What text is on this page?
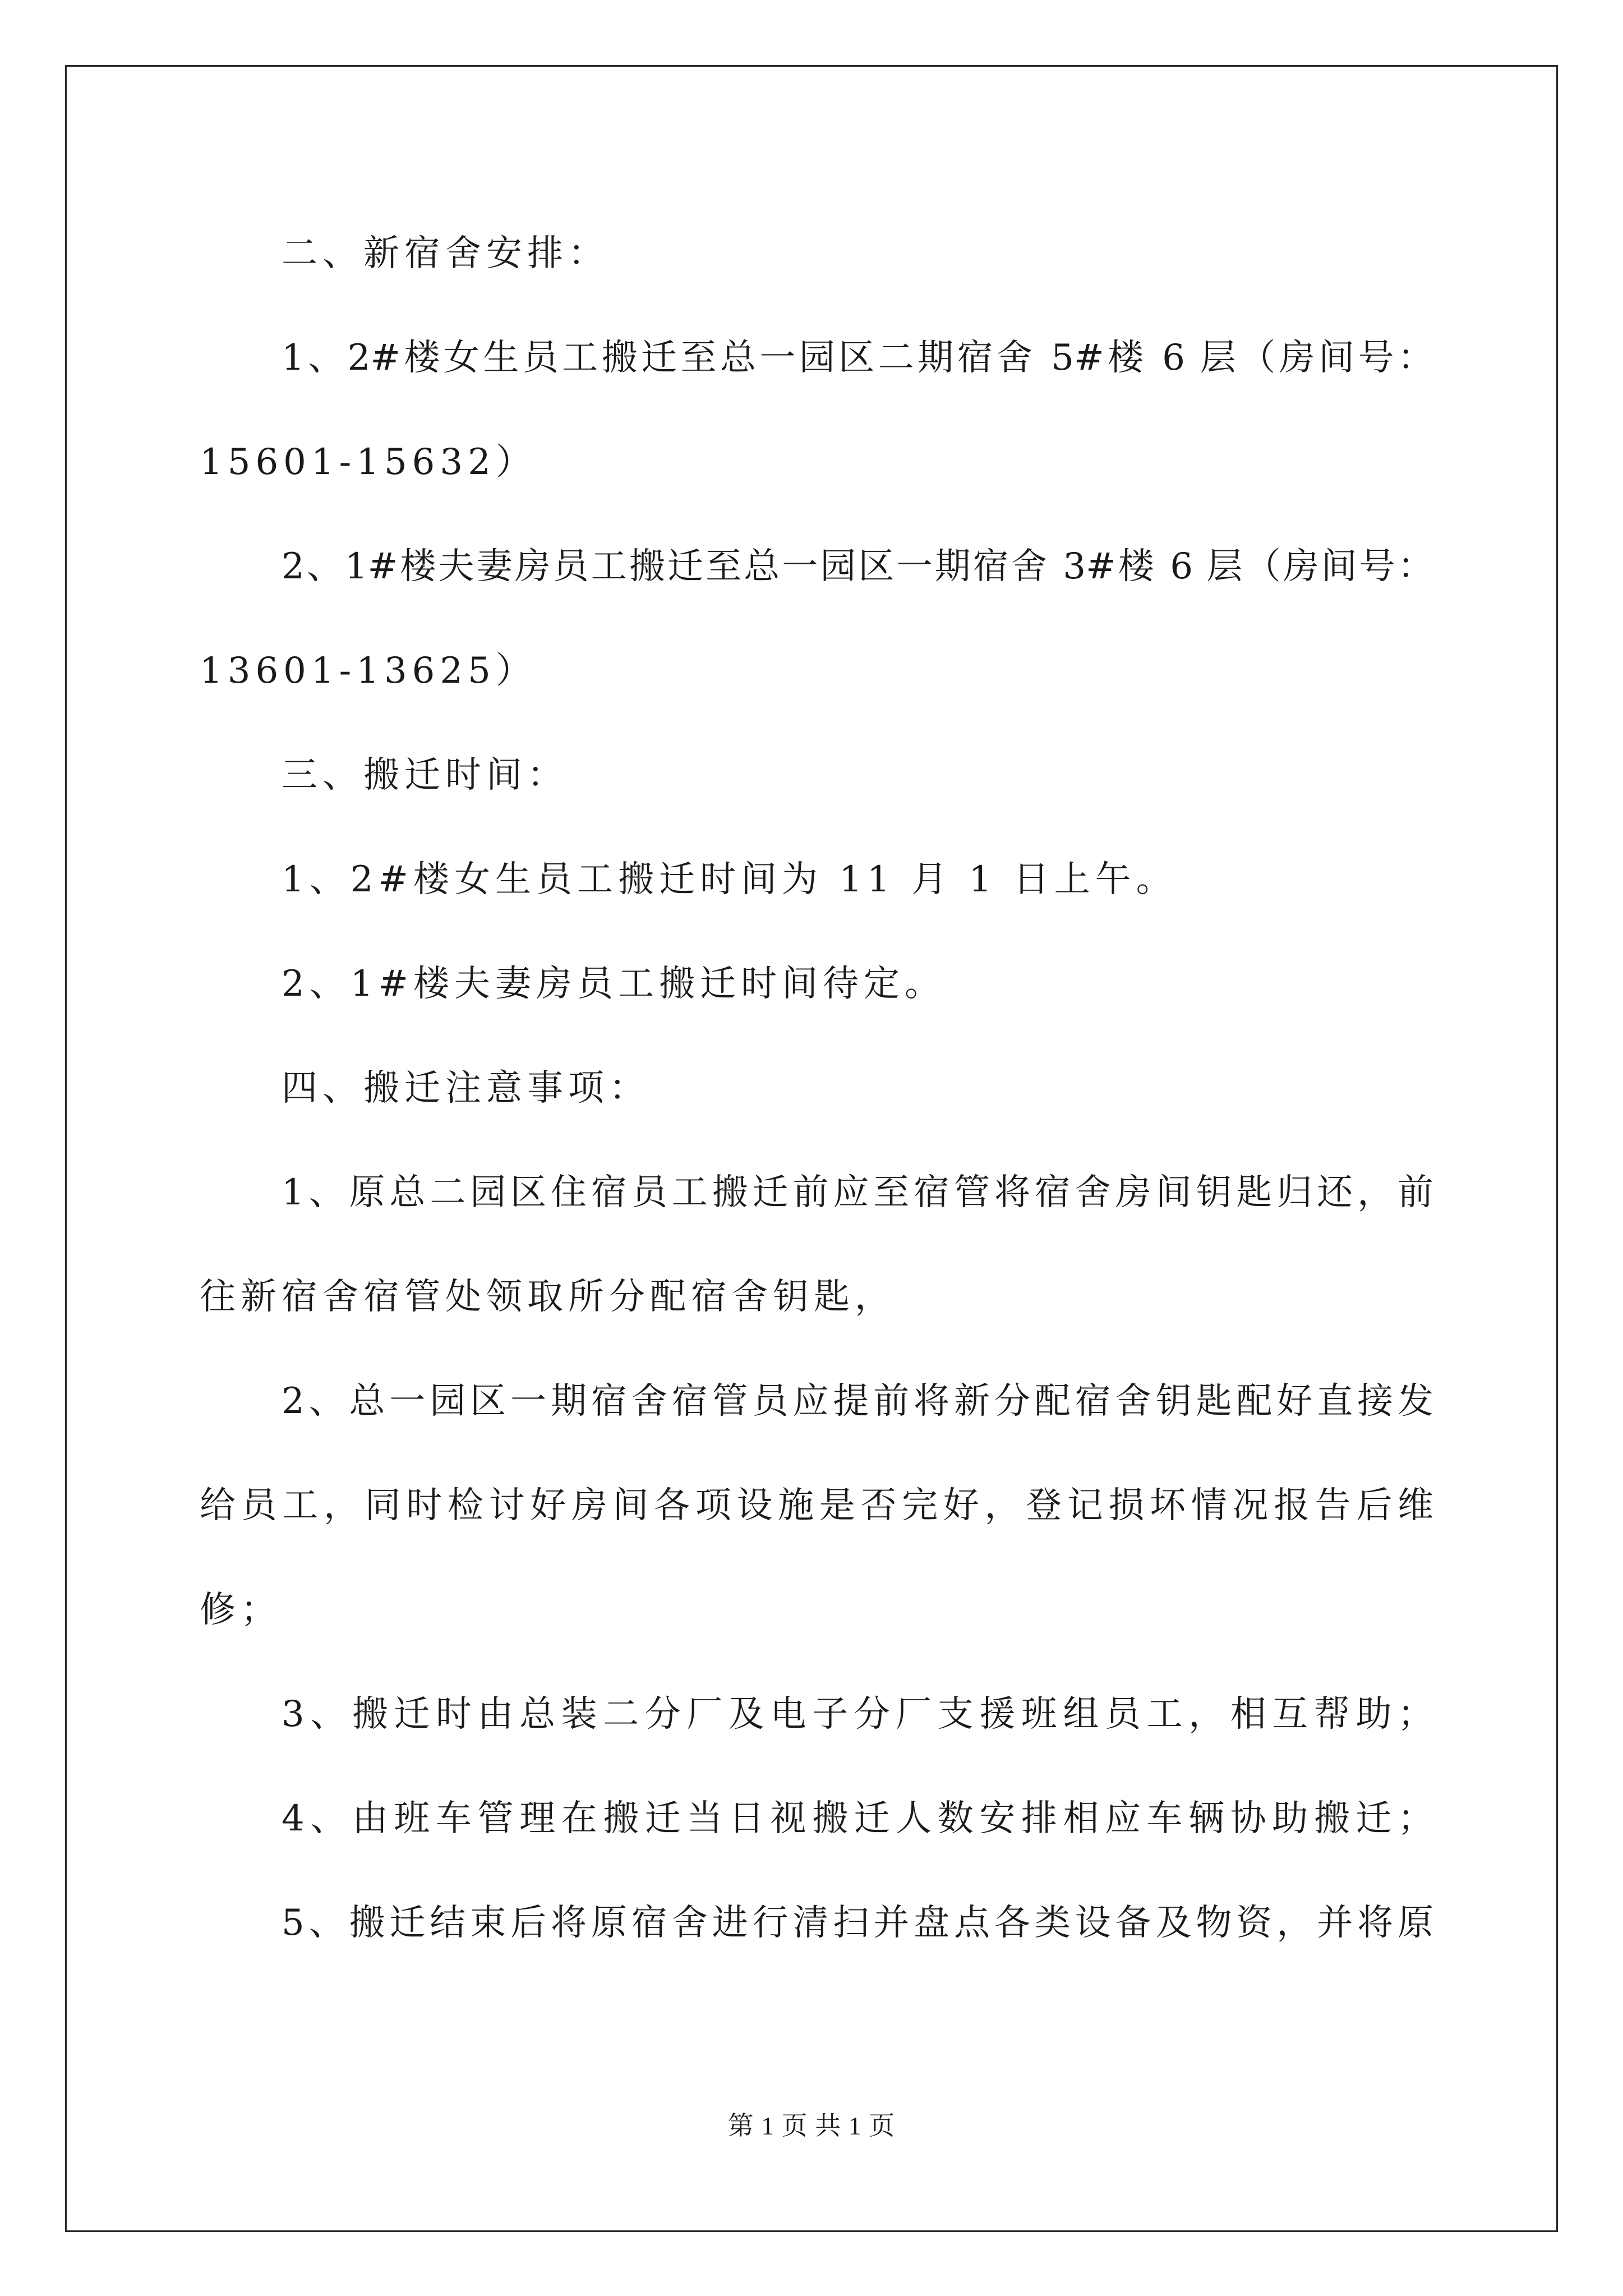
二、新宿舍安排：
1、2#楼女生员工搬迁至总一园区二期宿舍 5#楼 6 层（房间号：
15601-15632）
2、1#楼夫妻房员工搬迁至总一园区一期宿舍 3#楼 6 层（房间号：
13601-13625）
三、搬迁时间：
1、2#楼女生员工搬迁时间为 11 月 1 日上午。
2、1#楼夫妻房员工搬迁时间待定。
四、搬迁注意事项：
1、原总二园区住宿员工搬迁前应至宿管将宿舍房间钥匙归还，前
往新宿舍宿管处领取所分配宿舍钥匙，
2、总一园区一期宿舍宿管员应提前将新分配宿舍钥匙配好直接发
给员工，同时检讨好房间各项设施是否完好，登记损坏情况报告后维
修；
3、搬迁时由总装二分厂及电子分厂支援班组员工，相互帮助；
4、由班车管理在搬迁当日视搬迁人数安排相应车辆协助搬迁；
5、搬迁结束后将原宿舍进行清扫并盘点各类设备及物资，并将原
第 1 页 共 1 页
